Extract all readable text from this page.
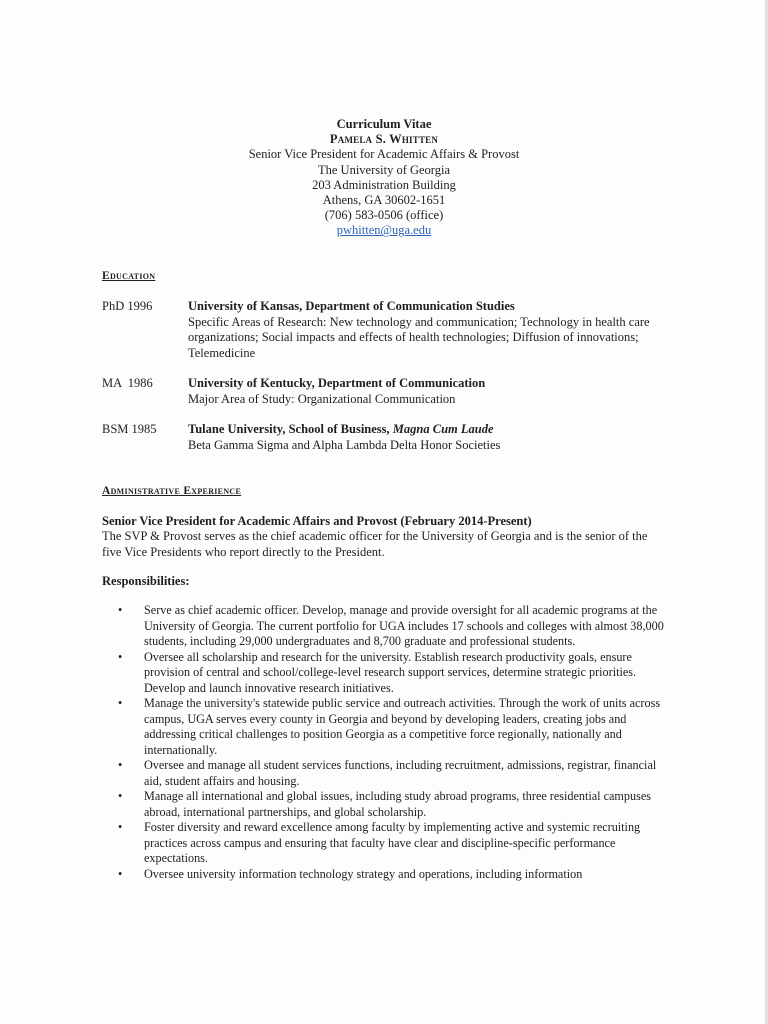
Curriculum Vitae
Pamela S. Whitten
Senior Vice President for Academic Affairs & Provost
The University of Georgia
203 Administration Building
Athens, GA 30602-1651
(706) 583-0506 (office)
pwhitten@uga.edu
Education
PhD 1996	University of Kansas, Department of Communication Studies
Specific Areas of Research: New technology and communication; Technology in health care organizations; Social impacts and effects of health technologies; Diffusion of innovations; Telemedicine
MA  1986	University of Kentucky, Department of Communication
Major Area of Study: Organizational Communication
BSM 1985	Tulane University, School of Business, Magna Cum Laude
Beta Gamma Sigma and Alpha Lambda Delta Honor Societies
Administrative Experience
Senior Vice President for Academic Affairs and Provost (February 2014-Present)
The SVP & Provost serves as the chief academic officer for the University of Georgia and is the senior of the five Vice Presidents who report directly to the President.
Responsibilities:
• Serve as chief academic officer. Develop, manage and provide oversight for all academic programs at the University of Georgia. The current portfolio for UGA includes 17 schools and colleges with almost 38,000 students, including 29,000 undergraduates and 8,700 graduate and professional students.
• Oversee all scholarship and research for the university. Establish research productivity goals, ensure provision of central and school/college-level research support services, determine strategic priorities. Develop and launch innovative research initiatives.
• Manage the university's statewide public service and outreach activities. Through the work of units across campus, UGA serves every county in Georgia and beyond by developing leaders, creating jobs and addressing critical challenges to position Georgia as a competitive force regionally, nationally and internationally.
• Oversee and manage all student services functions, including recruitment, admissions, registrar, financial aid, student affairs and housing.
• Manage all international and global issues, including study abroad programs, three residential campuses abroad, international partnerships, and global scholarship.
• Foster diversity and reward excellence among faculty by implementing active and systemic recruiting practices across campus and ensuring that faculty have clear and discipline-specific performance expectations.
• Oversee university information technology strategy and operations, including information
